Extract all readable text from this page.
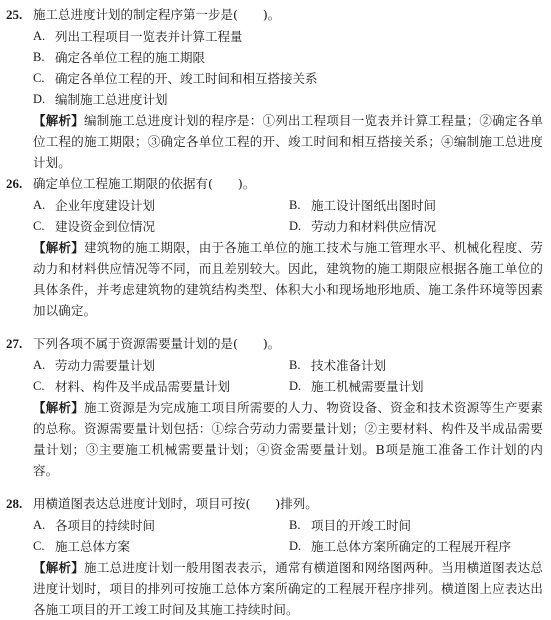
25. 施工总进度计划的制定程序第一步是(　　)。
A. 列出工程项目一览表并计算工程量
B. 确定各单位工程的施工期限
C. 确定各单位工程的开、竣工时间和相互搭接关系
D. 编制施工总进度计划
【解析】编制施工总进度计划的程序是：①列出工程项目一览表并计算工程量；②确定各单位工程的施工期限；③确定各单位工程的开、竣工时间和相互搭接关系；④编制施工总进度计划。
26. 确定单位工程施工期限的依据有(　　)。
A. 企业年度建设计划	B. 施工设计图纸出图时间
C. 建设资金到位情况	D. 劳动力和材料供应情况
【解析】建筑物的施工期限，由于各施工单位的施工技术与施工管理水平、机械化程度、劳动力和材料供应情况等不同，而且差别较大。因此，建筑物的施工期限应根据各施工单位的具体条件，并考虑建筑物的建筑结构类型、体积大小和现场地形地质、施工条件环境等因素加以确定。
27. 下列各项不属于资源需要量计划的是(　　)。
A. 劳动力需要量计划	B. 技术准备计划
C. 材料、构件及半成品需要量计划	D. 施工机械需要量计划
【解析】施工资源是为完成施工项目所需要的人力、物资设备、资金和技术资源等生产要素的总称。资源需要量计划包括：①综合劳动力需要量计划；②主要材料、构件及半成品需要量计划；③主要施工机械需要量计划；④资金需要量计划。B项是施工准备工作计划的内容。
28. 用横道图表达总进度计划时，项目可按(　　)排列。
A. 各项目的持续时间	B. 项目的开竣工时间
C. 施工总体方案	D. 施工总体方案所确定的工程展开程序
【解析】施工总进度计划一般用图表表示，通常有横道图和网络图两种。当用横道图表达总进度计划时，项目的排列可按施工总体方案所确定的工程展开程序排列。横道图上应表达出各施工项目的开工竣工时间及其施工持续时间。
